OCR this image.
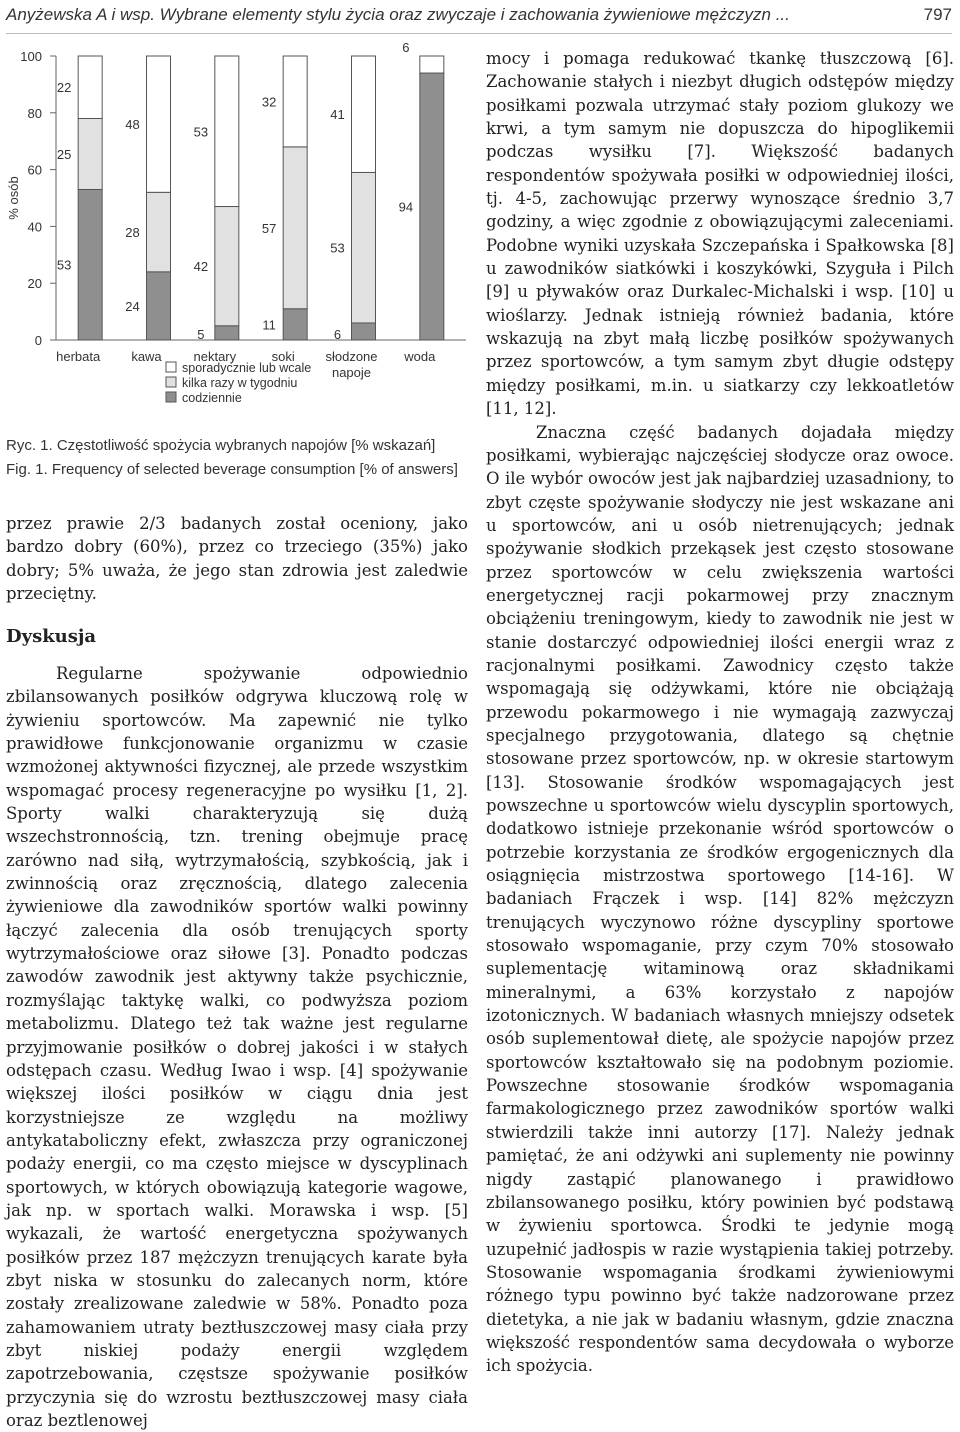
Anyżewska A i wsp. Wybrane elementy stylu życia oraz zwyczaje i zachowania żywieniowe mężczyzn ...	797
0
20
40
60
80
100
% osób
53
25
22
herbata
24
28
48
kawa
5
42
53
nektary
11
57
32
soki
6
53
41
słodzone
napoje
94
6
woda
sporadycznie lub wcale
kilka razy w tygodniu
codziennie
Ryc. 1. Częstotliwość spożycia wybranych napojów [% wskazań]
Fig. 1. Frequency of selected beverage consumption [% of answers]

przez prawie 2/3 badanych został oceniony, jako bardzo dobry (60%), przez co trzeciego (35%) jako dobry; 5% uważa, że jego stan zdrowia jest zaledwie przeciętny.

Dyskusja

Regularne spożywanie odpowiednio zbilansowanych posiłków odgrywa kluczową rolę w żywieniu sportowców. Ma zapewnić nie tylko prawidłowe funkcjonowanie organizmu w czasie wzmożonej aktywności fizycznej, ale przede wszystkim wspomagać procesy regeneracyjne po wysiłku [1, 2]. Sporty walki charakteryzują się dużą wszechstronnością, tzn. trening obejmuje pracę zarówno nad siłą, wytrzymałością, szybkością, jak i zwinnością oraz zręcznością, dlatego zalecenia żywieniowe dla zawodników sportów walki powinny łączyć zalecenia dla osób trenujących sporty wytrzymałościowe oraz siłowe [3]. Ponadto podczas zawodów zawodnik jest aktywny także psychicznie, rozmyślając taktykę walki, co podwyższa poziom metabolizmu. Dlatego też tak ważne jest regularne przyjmowanie posiłków o dobrej jakości i w stałych odstępach czasu. Według Iwao i wsp. [4] spożywanie większej ilości posiłków w ciągu dnia jest korzystniejsze ze względu na możliwy antykataboliczny efekt, zwłaszcza przy ograniczonej podaży energii, co ma często miejsce w dyscyplinach sportowych, w których obowiązują kategorie wagowe, jak np. w sportach walki. Morawska i wsp. [5] wykazali, że wartość energetyczna spożywanych posiłków przez 187 mężczyzn trenujących karate była zbyt niska w stosunku do zalecanych norm, które zostały zrealizowane zaledwie w 58%. Ponadto poza zahamowaniem utraty beztłuszczowej masy ciała przy zbyt niskiej podaży energii względem zapotrzebowania, częstsze spożywanie posiłków przyczynia się do wzrostu beztłuszczowej masy ciała oraz beztlenowej

mocy i pomaga redukować tkankę tłuszczową [6]. Zachowanie stałych i niezbyt długich odstępów między posiłkami pozwala utrzymać stały poziom glukozy we krwi, a tym samym nie dopuszcza do hipoglikemii podczas wysiłku [7]. Większość badanych respondentów spożywała posiłki w odpowiedniej ilości, tj. 4-5, zachowując przerwy wynoszące średnio 3,7 godziny, a więc zgodnie z obowiązującymi zaleceniami. Podobne wyniki uzyskała Szczepańska i Spałkowska [8] u zawodników siatkówki i koszykówki, Szyguła i Pilch [9] u pływaków oraz Durkalec-Michalski i wsp. [10] u wioślarzy. Jednak istnieją również badania, które wskazują na zbyt małą liczbę posiłków spożywanych przez sportowców, a tym samym zbyt długie odstępy między posiłkami, m.in. u siatkarzy czy lekkoatletów [11, 12].

Znaczna część badanych dojadała między posiłkami, wybierając najczęściej słodycze oraz owoce. O ile wybór owoców jest jak najbardziej uzasadniony, to zbyt częste spożywanie słodyczy nie jest wskazane ani u sportowców, ani u osób nietrenujących; jednak spożywanie słodkich przekąsek jest często stosowane przez sportowców w celu zwiększenia wartości energetycznej racji pokarmowej przy znacznym obciążeniu treningowym, kiedy to zawodnik nie jest w stanie dostarczyć odpowiedniej ilości energii wraz z racjonalnymi posiłkami. Zawodnicy często także wspomagają się odżywkami, które nie obciążają przewodu pokarmowego i nie wymagają zazwyczaj specjalnego przygotowania, dlatego są chętnie stosowane przez sportowców, np. w okresie startowym [13]. Stosowanie środków wspomagających jest powszechne u sportowców wielu dyscyplin sportowych, dodatkowo istnieje przekonanie wśród sportowców o potrzebie korzystania ze środków ergogenicznych dla osiągnięcia mistrzostwa sportowego [14-16]. W badaniach Frączek i wsp. [14] 82% mężczyzn trenujących wyczynowo różne dyscypliny sportowe stosowało wspomaganie, przy czym 70% stosowało suplementację witaminową oraz składnikami mineralnymi, a 63% korzystało z napojów izotonicznych. W badaniach własnych mniejszy odsetek osób suplementował dietę, ale spożycie napojów przez sportowców kształtowało się na podobnym poziomie. Powszechne stosowanie środków wspomagania farmakologicznego przez zawodników sportów walki stwierdzili także inni autorzy [17]. Należy jednak pamiętać, że ani odżywki ani suplementy nie powinny nigdy zastąpić planowanego i prawidłowo zbilansowanego posiłku, który powinien być podstawą w żywieniu sportowca. Środki te jedynie mogą uzupełnić jadłospis w razie wystąpienia takiej potrzeby. Stosowanie wspomagania środkami żywieniowymi różnego typu powinno być także nadzorowane przez dietetyka, a nie jak w badaniu własnym, gdzie znaczna większość respondentów sama decydowała o wyborze ich spożycia.
